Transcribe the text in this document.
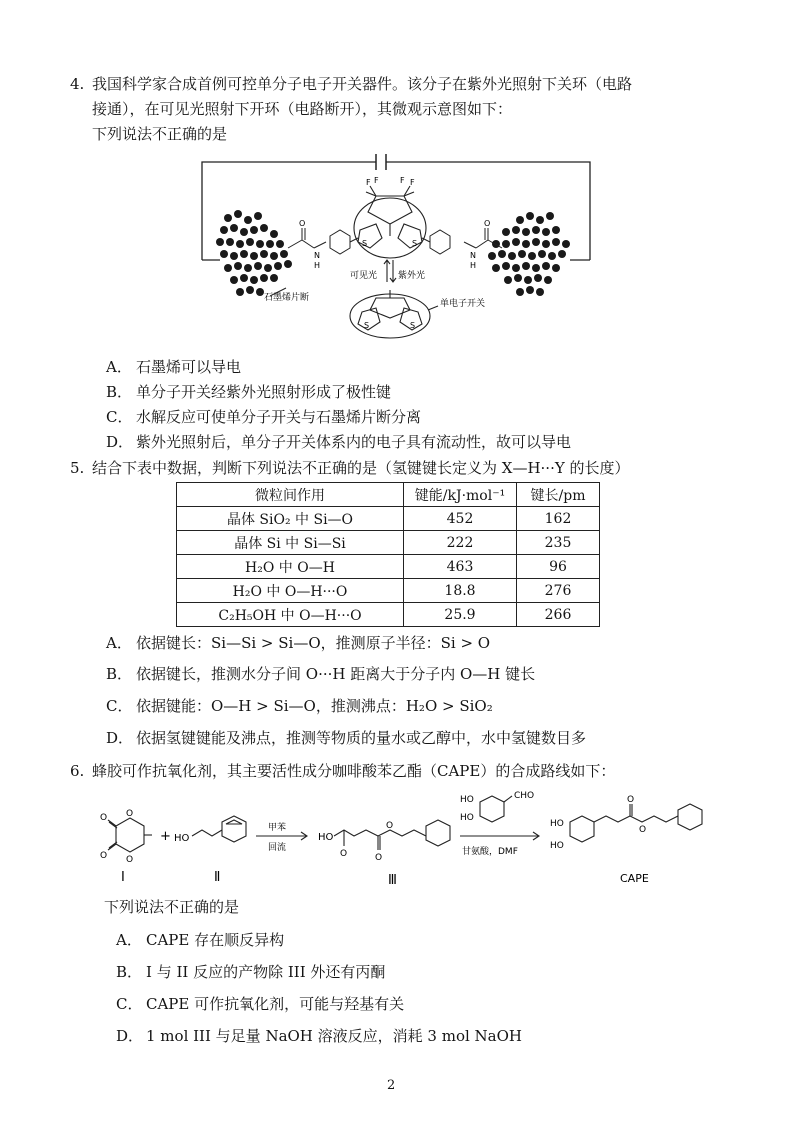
4. 我国科学家合成首例可控单分子电子开关器件。该分子在紫外光照射下关环（电路
接通），在可见光照射下开环（电路断开），其微观示意图如下：
下列说法不正确的是
O
N
H
O
N
H
F F	F F
S	S
可见光 紫外光
S	S
单电子开关
石墨烯片断
A． 石墨烯可以导电
B． 单分子开关经紫外光照射形成了极性键
C． 水解反应可使单分子开关与石墨烯片断分离
D． 紫外光照射后，单分子开关体系内的电子具有流动性，故可以导电
5. 结合下表中数据，判断下列说法不正确的是（氢键键长定义为 X—H···Y 的长度）
微粒间作用	键能/kJ·mol⁻¹	键长/pm
晶体 SiO₂ 中 Si—O	452	162
晶体 Si 中 Si—Si	222	235
H₂O 中 O—H	463	96
H₂O 中 O—H···O	18.8	276
C₂H₅OH 中 O—H···O	25.9	266
A． 依据键长：Si—Si > Si—O，推测原子半径：Si > O
B． 依据键长，推测水分子间 O···H 距离大于分子内 O—H 键长
C． 依据键能：O—H > Si—O，推测沸点：H₂O > SiO₂
D． 依据氢键键能及沸点，推测等物质的量水或乙醇中，水中氢键数目多
6. 蜂胶可作抗氧化剂，其主要活性成分咖啡酸苯乙酯（CAPE）的合成路线如下：
O
O
O
O
I
+ HO
Ⅱ
甲苯
回流
HO
O	O
O
Ⅲ
HO
HO
CHO
甘氨酸，DMF
HO
HO
O
O
CAPE
下列说法不正确的是
A． CAPE 存在顺反异构
B． I 与 II 反应的产物除 III 外还有丙酮
C． CAPE 可作抗氧化剂，可能与羟基有关
D． 1 mol III 与足量 NaOH 溶液反应，消耗 3 mol NaOH
2
